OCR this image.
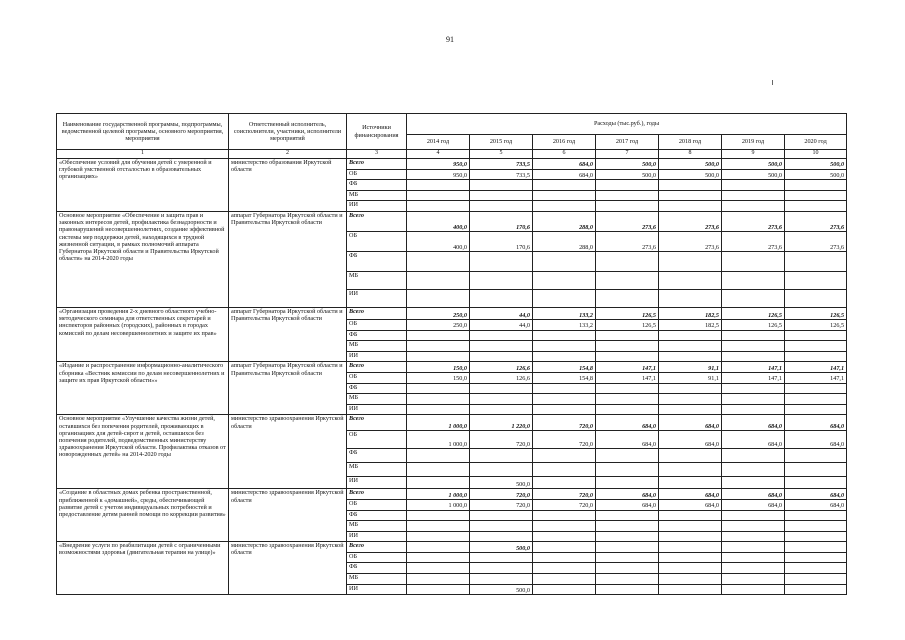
91
Наименование государственной программы, подпрограммы, ведомственной целевой программы, основного мероприятия, мероприятия	Ответственный исполнитель, соисполнители, участники, исполнители мероприятий	Источники финансирования	Расходы (тыс.руб.), годы						
			2014 год	2015 год	2016 год	2017 год	2018 год	2019 год	2020 год
1	2	3	4	5	6	7	8	9	10
«Обеспечение условий для обучения детей с умеренной и глубокой умственной отсталостью в образовательных организациях»	министерство образования Иркутской области	Всего	950,0	733,5	684,0	500,0	500,0	500,0	500,0
		ОБ	950,0	733,5	684,0	500,0	500,0	500,0	500,0
		ФБ							
		МБ							
		ИИ							
Основное мероприятие «Обеспечение и защита прав и законных интересов детей, профилактика безнадзорности и правонарушений несовершеннолетних, создание эффективной системы мер поддержки детей, находящихся в трудной жизненной ситуации, в рамках полномочий аппарата Губернатора Иркутской области и Правительства Иркутской области» на 2014-2020 годы	аппарат Губернатора Иркутской области и Правительства Иркутской области	Всего	400,0	170,6	288,0	273,6	273,6	273,6	273,6
		ОБ	400,0	170,6	288,0	273,6	273,6	273,6	273,6
		ФБ							
		МБ							
		ИИ							
«Организация проведения 2-х дневного областного учебно-методического семинара для ответственных секретарей и инспекторов районных (городских), районных в городах комиссий по делам несовершеннолетних и защите их прав»	аппарат Губернатора Иркутской области и Правительства Иркутской области	Всего	250,0	44,0	133,2	126,5	182,5	126,5	126,5
		ОБ	250,0	44,0	133,2	126,5	182,5	126,5	126,5
		ФБ							
		МБ							
		ИИ							
«Издание и распространение информационно-аналитического сборника «Вестник комиссии по делам несовершеннолетних и защите их прав Иркутской области»»	аппарат Губернатора Иркутской области и Правительства Иркутской области	Всего	150,0	126,6	154,8	147,1	91,1	147,1	147,1
		ОБ	150,0	126,6	154,8	147,1	91,1	147,1	147,1
		ФБ							
		МБ							
		ИИ							
Основное мероприятие «Улучшение качества жизни детей, оставшихся без попечения родителей, проживающих в организациях для детей-сирот и детей, оставшихся без попечения родителей, подведомственных министерству здравоохранения Иркутской области. Профилактика отказов от новорожденных детей» на 2014-2020 годы	министерство здравоохранения Иркутской области	Всего	1 000,0	1 220,0	720,0	684,0	684,0	684,0	684,0
		ОБ	1 000,0	720,0	720,0	684,0	684,0	684,0	684,0
		ФБ							
		МБ							
		ИИ		500,0					
«Создание в областных домах ребенка пространственной, приближенной к «домашней», среды, обеспечивающей развитие детей с учетом индивидуальных потребностей и предоставление детям ранней помощи по коррекции развития»	министерство здравоохранения Иркутской области	Всего	1 000,0	720,0	720,0	684,0	684,0	684,0	684,0
		ОБ	1 000,0	720,0	720,0	684,0	684,0	684,0	684,0
		ФБ							
		МБ							
		ИИ							
«Внедрение услуги по реабилитации детей с ограниченными возможностями здоровья (двигательная терапия на улице)»	министерство здравоохранения Иркутской области	Всего		500,0					
		ОБ							
		ФБ							
		МБ							
		ИИ		500,0					
